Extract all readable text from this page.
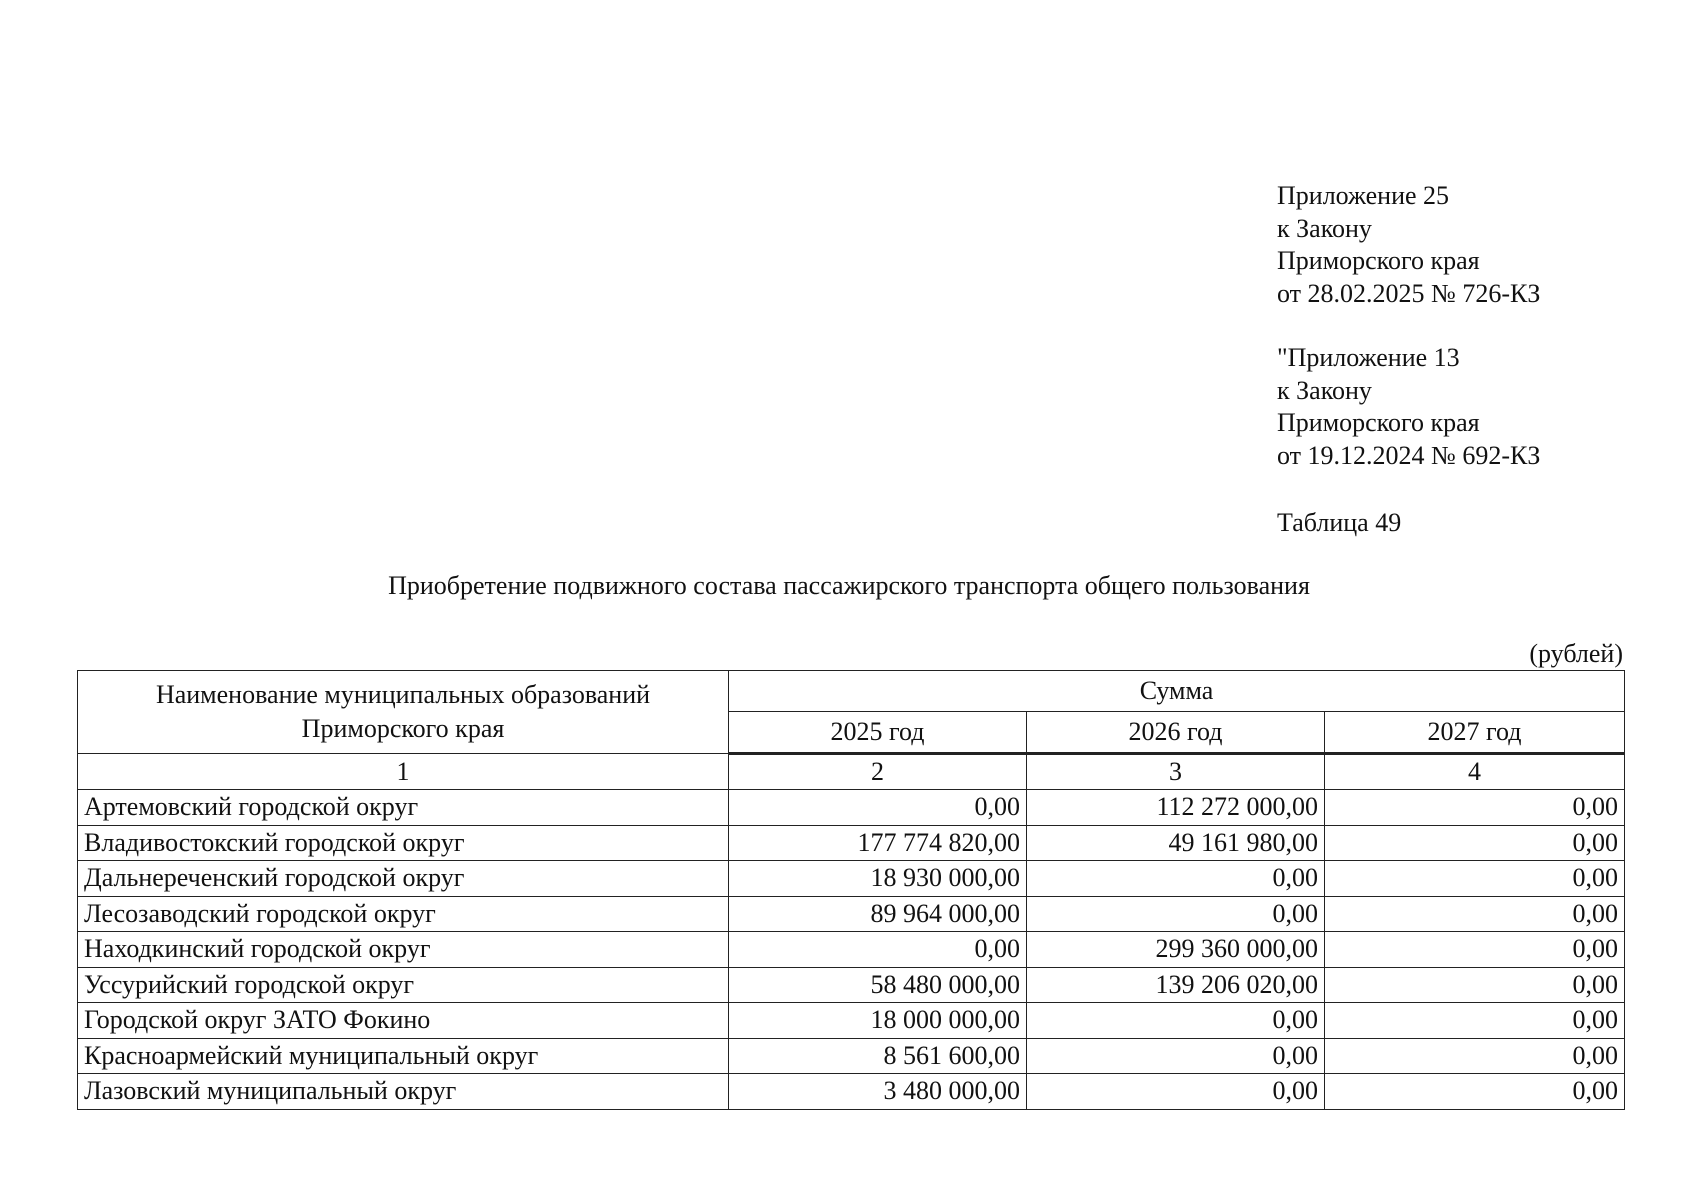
Приложение 25
к Закону
Приморского края
от 28.02.2025 № 726-КЗ
"Приложение 13
к Закону
Приморского края
от 19.12.2024 № 692-КЗ
Таблица 49
Приобретение подвижного состава пассажирского транспорта общего пользования
(рублей)
Наименование муниципальных образований
Приморского края	Сумма		
	2025 год	2026 год	2027 год
1	2	3	4
Артемовский городской округ	0,00	112 272 000,00	0,00
Владивостокский городской округ	177 774 820,00	49 161 980,00	0,00
Дальнереченский городской округ	18 930 000,00	0,00	0,00
Лесозаводский городской округ	89 964 000,00	0,00	0,00
Находкинский городской округ	0,00	299 360 000,00	0,00
Уссурийский городской округ	58 480 000,00	139 206 020,00	0,00
Городской округ ЗАТО Фокино	18 000 000,00	0,00	0,00
Красноармейский муниципальный округ	8 561 600,00	0,00	0,00
Лазовский муниципальный округ	3 480 000,00	0,00	0,00
